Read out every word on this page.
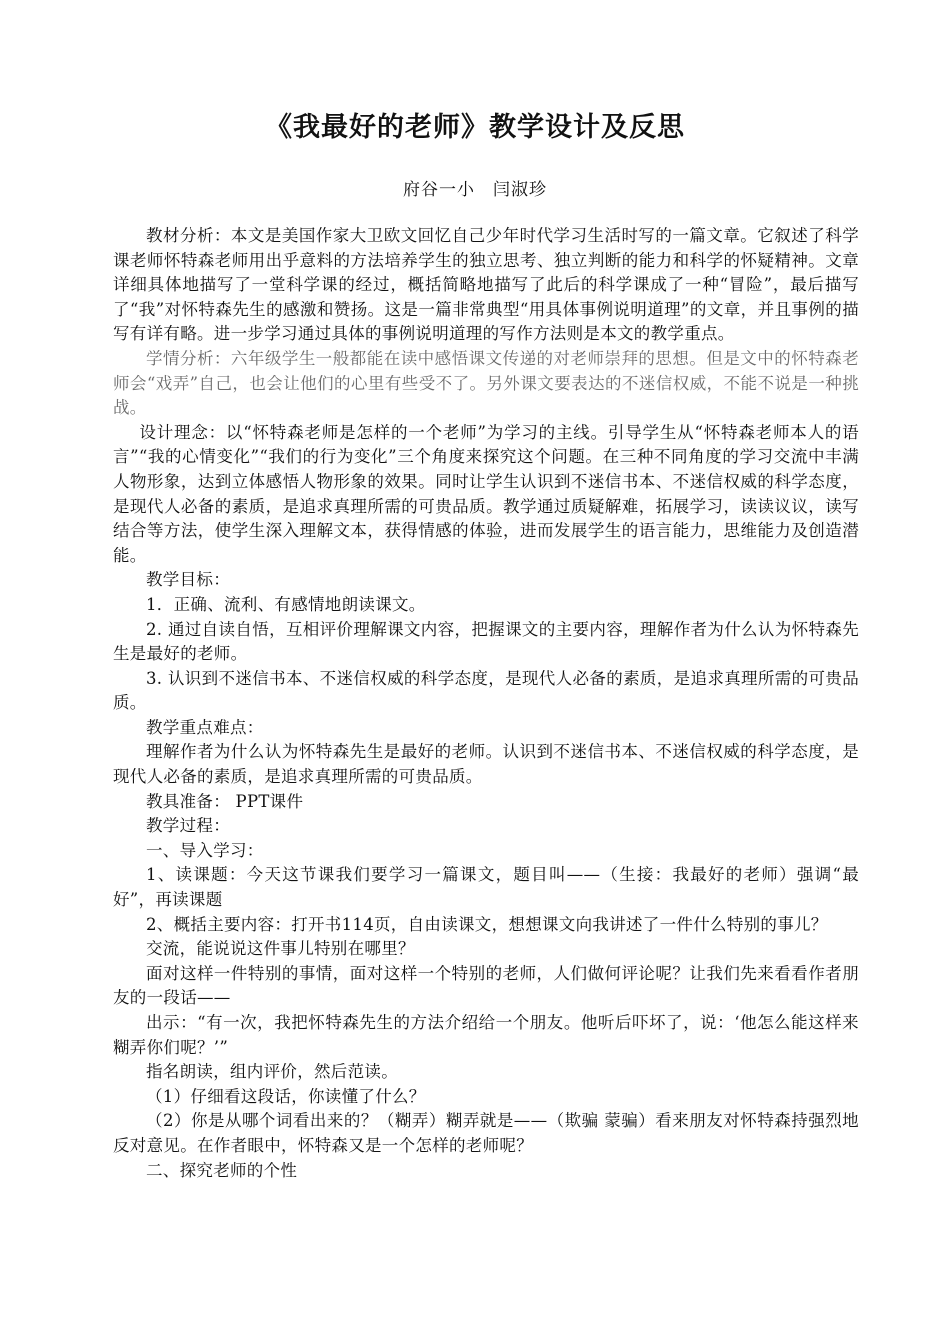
《我最好的老师》教学设计及反思
府谷一小 闫淑珍

教材分析：本文是美国作家大卫欧文回忆自己少年时代学习生活时写的一篇文章。它叙述了科学课老师怀特森老师用出乎意料的方法培养学生的独立思考、独立判断的能力和科学的怀疑精神。文章详细具体地描写了一堂科学课的经过，概括简略地描写了此后的科学课成了一种“冒险”，最后描写了“我”对怀特森先生的感激和赞扬。这是一篇非常典型“用具体事例说明道理”的文章，并且事例的描写有详有略。进一步学习通过具体的事例说明道理的写作方法则是本文的教学重点。

学情分析：六年级学生一般都能在读中感悟课文传递的对老师崇拜的思想。但是文中的怀特森老师会“戏弄”自己，也会让他们的心里有些受不了。另外课文要表达的不迷信权威，不能不说是一种挑战。

设计理念：以“怀特森老师是怎样的一个老师”为学习的主线。引导学生从“怀特森老师本人的语言”“我的心情变化”“我们的行为变化”三个角度来探究这个问题。在三种不同角度的学习交流中丰满人物形象，达到立体感悟人物形象的效果。同时让学生认识到不迷信书本、不迷信权威的科学态度，是现代人必备的素质，是追求真理所需的可贵品质。教学通过质疑解难，拓展学习，读读议议，读写结合等方法，使学生深入理解文本，获得情感的体验，进而发展学生的语言能力，思维能力及创造潜能。

教学目标：

1．正确、流利、有感情地朗读课文。

2. 通过自读自悟，互相评价理解课文内容，把握课文的主要内容，理解作者为什么认为怀特森先生是最好的老师。

3. 认识到不迷信书本、不迷信权威的科学态度，是现代人必备的素质，是追求真理所需的可贵品质。

教学重点难点：

理解作者为什么认为怀特森先生是最好的老师。认识到不迷信书本、不迷信权威的科学态度，是现代人必备的素质，是追求真理所需的可贵品质。

教具准备： PPT课件

教学过程：

一、导入学习：

1、读课题：今天这节课我们要学习一篇课文，题目叫——（生接：我最好的老师）强调“最好”，再读课题

2、概括主要内容：打开书114页，自由读课文，想想课文向我讲述了一件什么特别的事儿？

交流，能说说这件事儿特别在哪里？

面对这样一件特别的事情，面对这样一个特别的老师，人们做何评论呢？让我们先来看看作者朋友的一段话——

出示：“有一次，我把怀特森先生的方法介绍给一个朋友。他听后吓坏了，说：‘他怎么能这样来糊弄你们呢？’”

指名朗读，组内评价，然后范读。

（1）仔细看这段话，你读懂了什么？

（2）你是从哪个词看出来的？（糊弄）糊弄就是——（欺骗 蒙骗）看来朋友对怀特森持强烈地反对意见。在作者眼中，怀特森又是一个怎样的老师呢？

二、探究老师的个性
